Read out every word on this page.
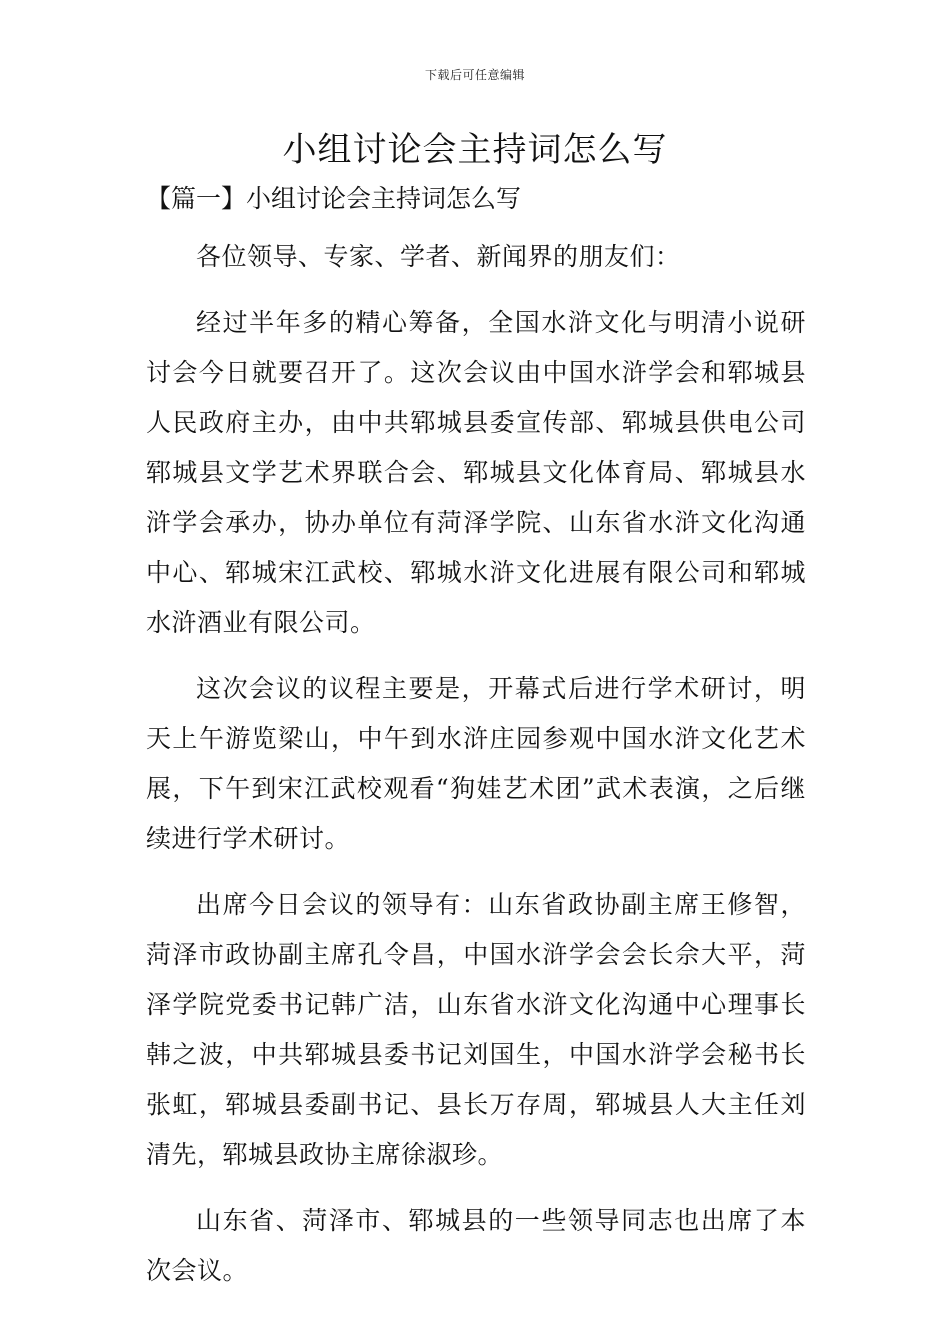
下载后可任意编辑
小组讨论会主持词怎么写
【篇一】小组讨论会主持词怎么写

各位领导、专家、学者、新闻界的朋友们：

经过半年多的精心筹备，全国水浒文化与明清小说研讨会今日就要召开了。这次会议由中国水浒学会和郓城县人民政府主办，由中共郓城县委宣传部、郓城县供电公司郓城县文学艺术界联合会、郓城县文化体育局、郓城县水浒学会承办，协办单位有菏泽学院、山东省水浒文化沟通中心、郓城宋江武校、郓城水浒文化进展有限公司和郓城水浒酒业有限公司。

这次会议的议程主要是，开幕式后进行学术研讨，明天上午游览梁山，中午到水浒庄园参观中国水浒文化艺术展，下午到宋江武校观看“狗娃艺术团”武术表演，之后继续进行学术研讨。

出席今日会议的领导有：山东省政协副主席王修智，菏泽市政协副主席孔令昌，中国水浒学会会长佘大平，菏泽学院党委书记韩广洁，山东省水浒文化沟通中心理事长韩之波，中共郓城县委书记刘国生，中国水浒学会秘书长张虹，郓城县委副书记、县长万存周，郓城县人大主任刘清先，郓城县政协主席徐淑珍。

山东省、菏泽市、郓城县的一些领导同志也出席了本次会议。
